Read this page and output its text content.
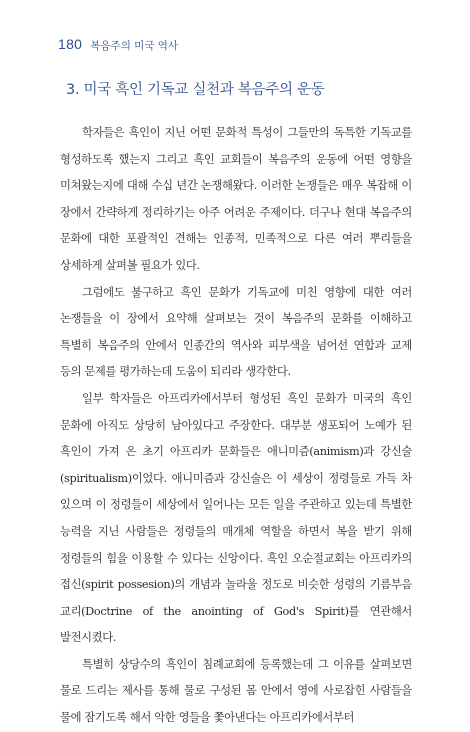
180 복음주의 미국 역사
3. 미국 흑인 기독교 실천과 복음주의 운동

학자들은 흑인이 지닌 어떤 문화적 특성이 그들만의 독특한 기독교를 형성하도록 했는지 그리고 흑인 교회들이 복음주의 운동에 어떤 영향을 미쳐왔는지에 대해 수십 년간 논쟁해왔다. 이러한 논쟁들은 매우 복잡해 이 장에서 간략하게 정리하기는 아주 어려운 주제이다. 더구나 현대 복음주의 문화에 대한 포괄적인 견해는 인종적, 민족적으로 다른 여러 뿌리들을 상세하게 살펴볼 필요가 있다.

그럼에도 불구하고 흑인 문화가 기독교에 미친 영향에 대한 여러 논쟁들을 이 장에서 요약해 살펴보는 것이 복음주의 문화를 이해하고 특별히 복음주의 안에서 인종간의 역사와 피부색을 넘어선 연합과 교제 등의 문제를 평가하는데 도움이 되리라 생각한다.

일부 학자들은 아프리카에서부터 형성된 흑인 문화가 미국의 흑인 문화에 아직도 상당히 남아있다고 주장한다. 대부분 생포되어 노예가 된 흑인이 가져 온 초기 아프리카 문화들은 애니미즘(animism)과 강신술(spiritualism)이었다. 애니미즘과 강신술은 이 세상이 정령들로 가득 차 있으며 이 정령들이 세상에서 일어나는 모든 일을 주관하고 있는데 특별한 능력을 지닌 사람들은 정령들의 매개체 역할을 하면서 복을 받기 위해 정령들의 힘을 이용할 수 있다는 신앙이다. 흑인 오순절교회는 아프리카의 접신(spirit possesion)의 개념과 놀라울 정도로 비슷한 성령의 기름부음 교리(Doctrine of the anointing of God's Spirit)를 연관해서 발전시켰다.

특별히 상당수의 흑인이 침례교회에 등록했는데 그 이유를 살펴보면 물로 드리는 제사를 통해 물로 구성된 몸 안에서 영에 사로잡힌 사람들을 물에 잠기도록 해서 악한 영들을 쫓아낸다는 아프리카에서부터
